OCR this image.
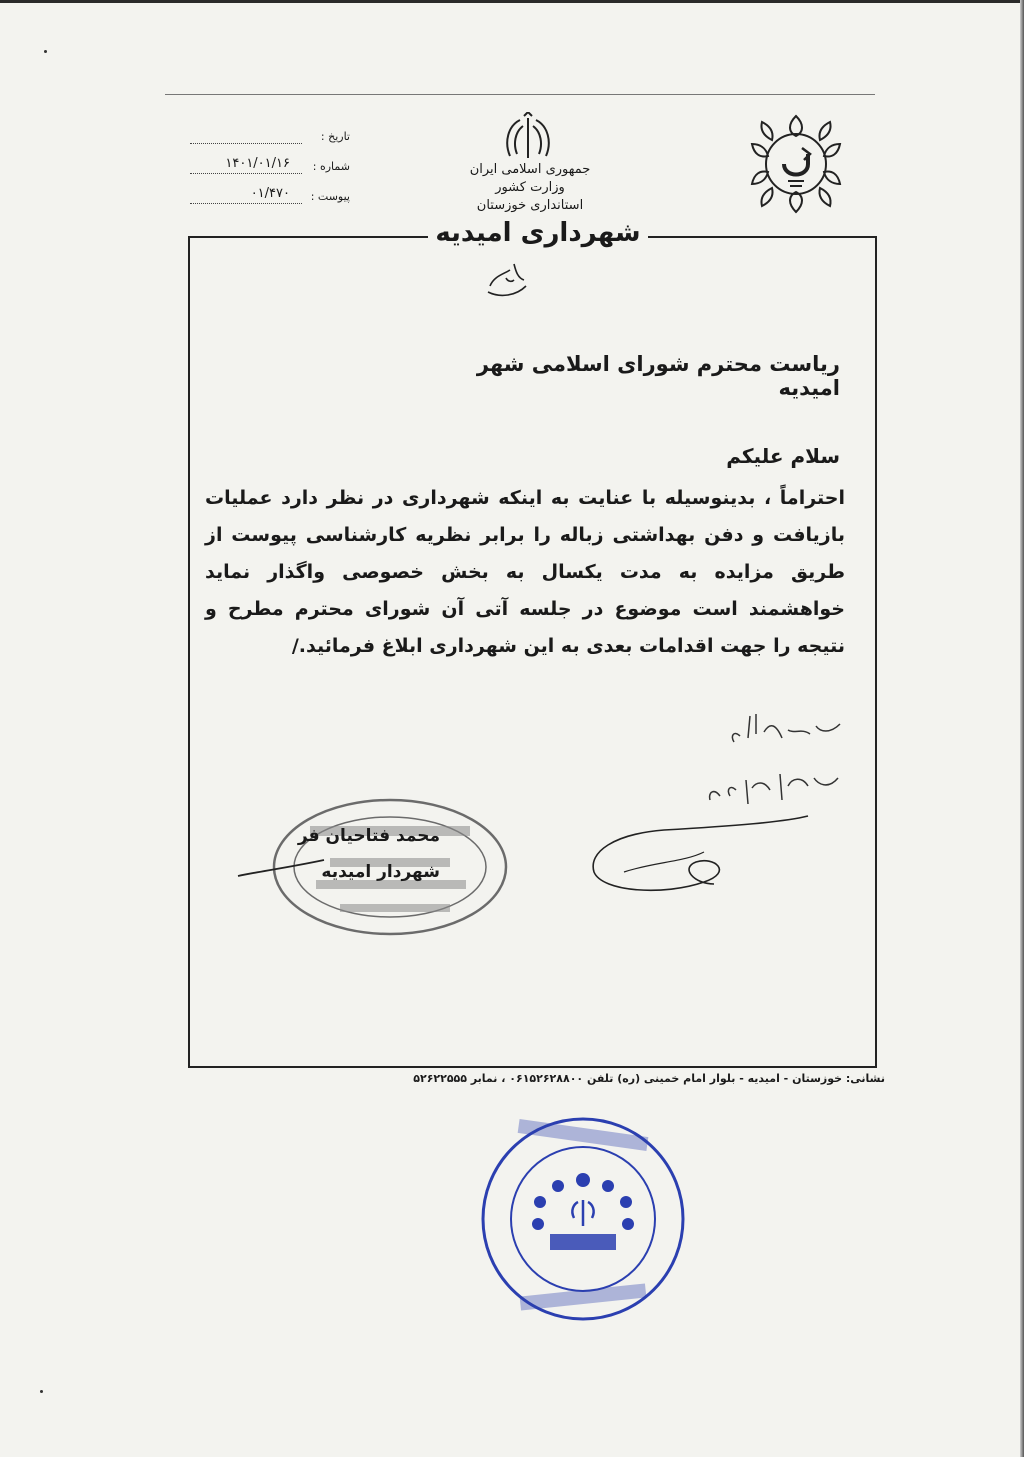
تاریخ :
شماره :
۱۴۰۱/۰۱/۱۶
پیوست :
۰۱/۴۷۰
جمهوری اسلامی ایران
وزارت کشور
استانداری خوزستان
شهرداری امیدیه
ریاست محترم شورای اسلامی شهر امیدیه
سلام علیکم
احتراماً ، بدینوسیله با عنایت به اینکه شهرداری در نظر دارد عملیات بازیافت و دفن بهداشتی زباله را برابر نظریه کارشناسی پیوست از طریق مزایده به مدت یکسال به بخش خصوصی واگذار نماید خواهشمند است موضوع در جلسه آتی آن شورای محترم مطرح و نتیجه را جهت اقدامات بعدی به این شهرداری ابلاغ فرمائید./
محمد فتاحیان فر
شهردار امیدیه
نشانی: خوزستان - امیدیه - بلوار امام خمینی (ره) تلفن ۰۶۱۵۲۶۲۸۸۰۰ ، نمابر ۵۲۶۲۲۵۵۵
